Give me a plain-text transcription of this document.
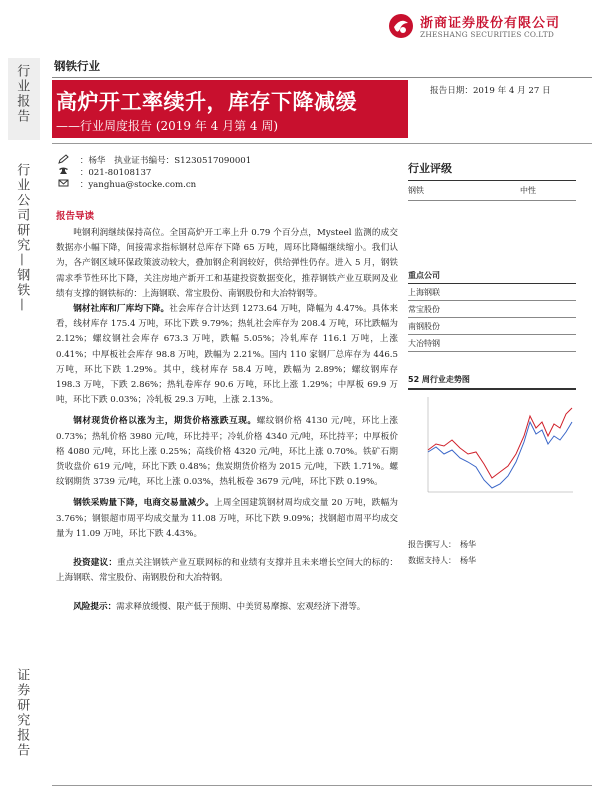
浙商证券股份有限公司
ZHESHANG SECURITIES CO.LTD
行业报告
行业公司研究—钢铁—
证券研究报告
钢铁行业
报告日期：2019 年 4 月 27 日
高炉开工率续升，库存下降减缓
——行业周度报告 (2019 年 4 月第 4 周)
：杨华　执业证书编号：S1230517090001
：021-80108137
：yanghua@stocke.com.cn
报告导读

吨钢利润继续保持高位。全国高炉开工率上升 0.79 个百分点，Mysteel 监测的成交数据亦小幅下降，间接需求指标钢材总库存下降 65 万吨，周环比降幅继续缩小。我们认为，各产钢区域环保政策波动较大，叠加钢企利润较好，供给弹性仍存。进入 5 月，钢铁需求季节性环比下降，关注房地产新开工和基建投资数据变化，推荐钢铁产业互联网及业绩有支撑的钢铁标的：上海钢联、常宝股份、南钢股份和大冶特钢等。

钢材社库和厂库均下降。社会库存合计达到 1273.64 万吨，降幅为 4.47%。具体来看，线材库存 175.4 万吨，环比下跌 9.79%；热轧社会库存为 208.4 万吨，环比跌幅为 2.12%；螺纹钢社会库存 673.3 万吨，跌幅 5.05%；冷轧库存 116.1 万吨，上涨 0.41%；中厚板社会库存 98.8 万吨，跌幅为 2.21%。国内 110 家钢厂总库存为 446.5 万吨，环比下跌 1.29%。其中，线材库存 58.4 万吨，跌幅为 2.89%；螺纹钢库存 198.3 万吨，下跌 2.86%；热轧卷库存 90.6 万吨，环比上涨 1.29%；中厚板 69.9 万吨，环比下跌 0.03%；冷轧板 29.3 万吨，上涨 2.13%。

钢材现货价格以涨为主，期货价格涨跌互现。螺纹钢价格 4130 元/吨，环比上涨 0.73%；热轧价格 3980 元/吨，环比持平；冷轧价格 4340 元/吨，环比持平；中厚板价格 4080 元/吨，环比上涨 0.25%；高线价格 4320 元/吨，环比上涨 0.70%。铁矿石期货收盘价 619 元/吨，环比下跌 0.48%；焦炭期货价格为 2015 元/吨，下跌 1.71%。螺纹钢期货 3739 元/吨，环比上涨 0.03%，热轧板卷 3679 元/吨，环比下跌 0.19%。

钢铁采购量下降，电商交易量减少。上周全国建筑钢材周均成交量 20 万吨，跌幅为 3.76%；钢银超市周平均成交量为 11.08 万吨，环比下跌 9.09%；找钢超市周平均成交量为 11.09 万吨，环比下跌 4.43%。

投资建议：重点关注钢铁产业互联网标的和业绩有支撑并且未来增长空间大的标的：上海钢联、常宝股份、南钢股份和大冶特钢。

风险提示：需求释放缓慢、限产低于预期、中美贸易摩擦、宏观经济下滑等。

行业评级
钢铁	中性
重点公司
上海钢联
常宝股份
南钢股份
大冶特钢
52 周行业走势图
报告撰写人： 杨华
数据支持人： 杨华
